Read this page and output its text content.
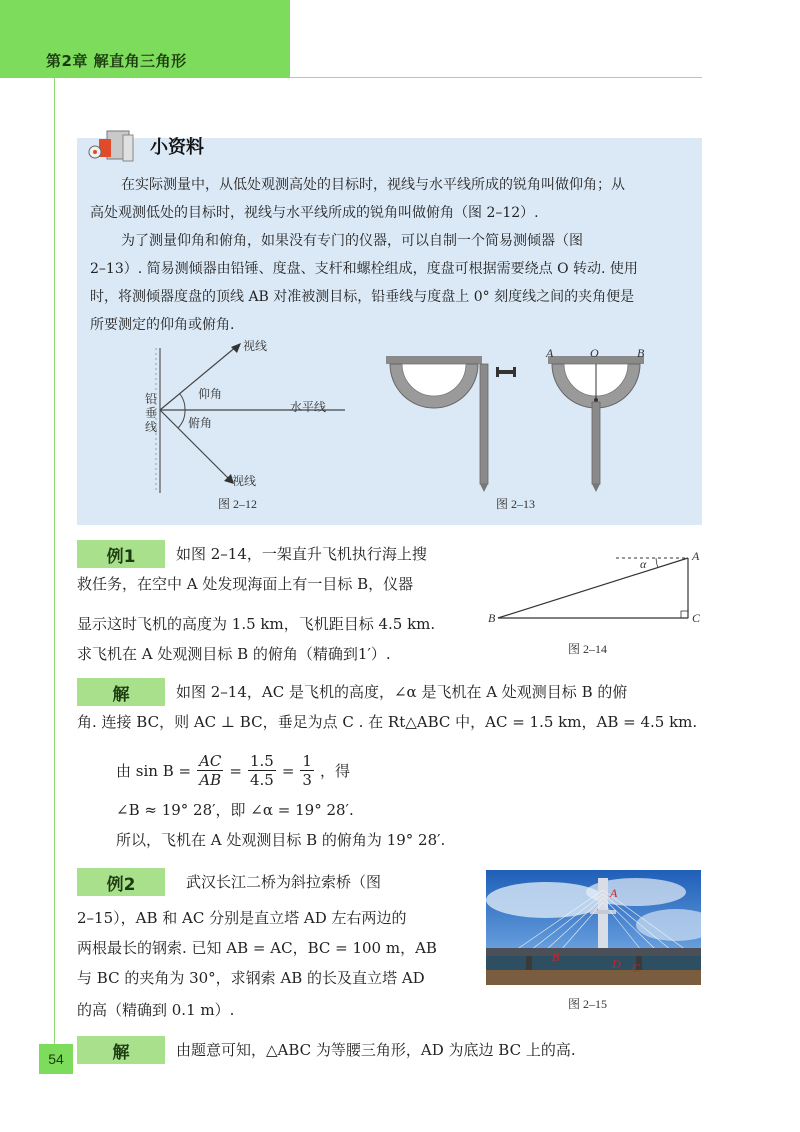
第2章 解直角三角形
小资料
在实际测量中，从低处观测高处的目标时，视线与水平线所成的锐角叫做仰角；从
高处观测低处的目标时，视线与水平线所成的锐角叫做俯角（图 2–12）.
为了测量仰角和俯角，如果没有专门的仪器，可以自制一个简易测倾器（图
2–13）. 简易测倾器由铅锤、度盘、支杆和螺栓组成，度盘可根据需要绕点 O 转动. 使用
时，将测倾器度盘的顶线 AB 对准被测目标，铅垂线与度盘上 0° 刻度线之间的夹角便是
所要测定的仰角或俯角.
视线
视线
水平线
仰角
俯角
铅
垂
线
图 2–12
A	O	B
图 2–13
例1	如图 2–14，一架直升飞机执行海上搜
救任务，在空中 A 处发现海面上有一目标 B，仪器
显示这时飞机的高度为 1.5 km，飞机距目标 4.5 km.
求飞机在 A 处观测目标 B 的俯角（精确到1′）.
A
B	C
α
图 2–14
解	如图 2–14，AC 是飞机的高度，∠α 是飞机在 A 处观测目标 B 的俯
角. 连接 BC，则 AC ⊥ BC，垂足为点 C . 在 Rt△ABC 中，AC = 1.5 km，AB = 4.5 km.
由 $\sin B = \frac{AC}{AB} = \frac{1.5}{4.5} = \frac{1}{3}$ ，得
∠B ≈ 19° 28′，即 ∠α = 19° 28′.
所以，飞机在 A 处观测目标 B 的俯角为 19° 28′.
例2	武汉长江二桥为斜拉索桥（图
2–15），AB 和 AC 分别是直立塔 AD 左右两边的
两根最长的钢索. 已知 AB = AC，BC = 100 m，AB
与 BC 的夹角为 30°，求钢索 AB 的长及直立塔 AD
的高（精确到 0.1 m）.
A
B	D C
图 2–15
解	由题意可知，△ABC 为等腰三角形，AD 为底边 BC 上的高.
54
